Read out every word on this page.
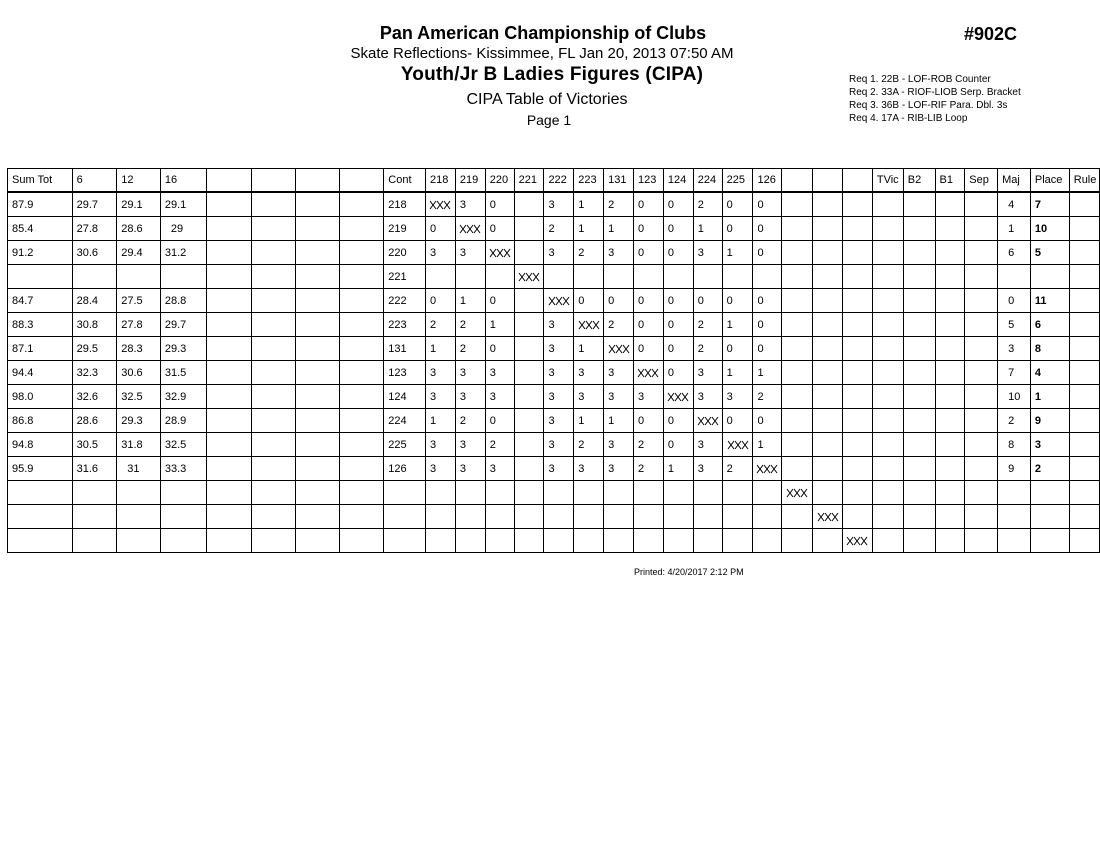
Pan American Championship of Clubs
Skate Reflections- Kissimmee, FL Jan 20, 2013 07:50 AM
Youth/Jr B Ladies Figures (CIPA)
CIPA Table of Victories
Page 1
#902C
Req 1. 22B - LOF-ROB Counter
Req 2. 33A - RIOF-LIOB Serp. Bracket
Req 3. 36B - LOF-RIF Para. Dbl. 3s
Req 4. 17A - RIB-LIB Loop
Sum Tot	6	12	16					Cont	218	219	220	221	222	223	131	123	124	224	225	126				TVic	B2	B1	Sep	Maj	Place	Rule
87.9	29.7	29.1	29.1					218		3	0		3	1	2	0	0	2	0	0								4	7	
85.4	27.8	28.6	29					219	0		0		2	1	1	0	0	1	0	0								1	10	
91.2	30.6	29.4	31.2					220	3	3			3	2	3	0	0	3	1	0								6	5	
								221																						
84.7	28.4	27.5	28.8					222	0	1	0			0	0	0	0	0	0	0								0	11	
88.3	30.8	27.8	29.7					223	2	2	1		3		2	0	0	2	1	0								5	6	
87.1	29.5	28.3	29.3					131	1	2	0		3	1		0	0	2	0	0								3	8	
94.4	32.3	30.6	31.5					123	3	3	3		3	3	3		0	3	1	1								7	4	
98.0	32.6	32.5	32.9					124	3	3	3		3	3	3	3		3	3	2								10	1	
86.8	28.6	29.3	28.9					224	1	2	0		3	1	1	0	0		0	0								2	9	
94.8	30.5	31.8	32.5					225	3	3	2		3	2	3	2	0	3		1								8	3	
95.9	31.6	31	33.3					126	3	3	3		3	3	3	2	1	3	2									9	2	

Printed: 4/20/2017 2:12 PM
